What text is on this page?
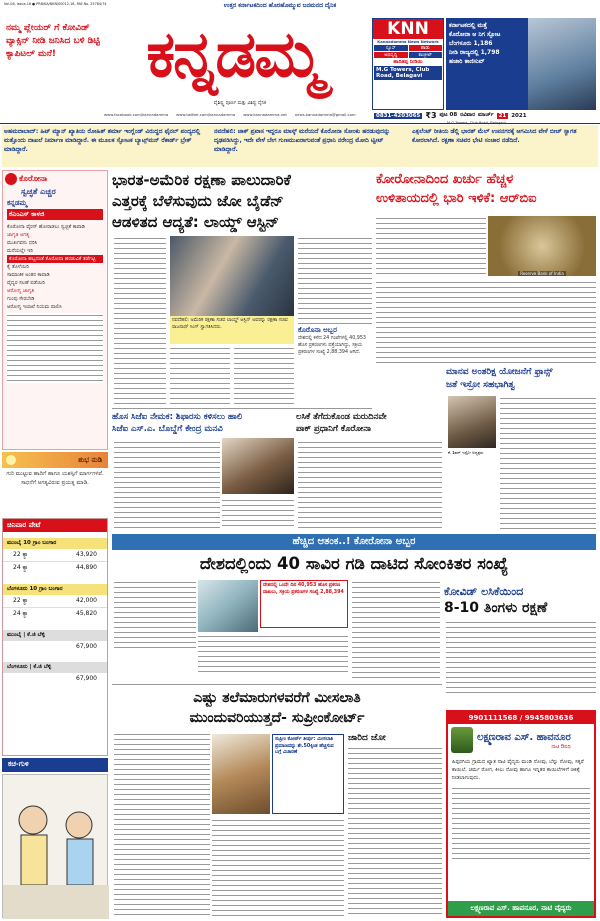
Vol-08, Issue-16 ● PRB/KA/NKN/00012-16, RNI No. 25784/74	ಉತ್ತರ ಕರ್ನಾಟಕದಿಂದ ಹೊರಹೊಮ್ಮುವ ಜನಮನದ ದೈನಿಕ
ನಮ್ಮ ಪ್ಲೇಯರ್ ಗೆ ಕೋವಿಡ್ ವ್ಯಾಕ್ಸಿನ್ ನೀಡಿ ಜನಿಸಿದ ಬಳಿ ಡಿಟ್ಟಿ ಕ್ಯಾಪಿಟಲ್ ಮನೆ!	ಕನ್ನಡಮ್ಮ
ವೈಶಿಷ್ಟ್ಯ ಪೂರ್ಣ ಮತ್ತು ವಿಶಿಷ್ಟ ದೈನಿಕ
KNN
Kannadamma News Network
ನ್ಯೂಸ್	ಹಾಡು
ಅಭಿವೃದ್ಧಿ	ಕಾಂಕ್ರೀಟ್
ಹಾದಿತಪ್ಪ ನೀಡಿಯಿ
M.G Towers, Club Road, Belagavi
ಕರ್ನಾಟಕದಲ್ಲಿ ಮತ್ತೆ
ಕೊರೋನಾ ಆ ನಿಗ ಸ್ಫೋಟ
ಬೆಂಗಳೂರು 1,186
ನೀಡಿ ರಾಜ್ಯದಲ್ಲಿ 1,798
ಹಜಾರಿ ಕಾಣಿಸುವ್
www.facebook.com/kannadamma www.twitter.com/kannadamma www.kannadamma.net news.kannadamma@gmail.com	0831-4203065 ₹3 ಪುಟ 08 ರವಿವಾರ ಮಾರ್ಚ್ 21 2021
ಅಹಮದಾಬಾದ್: ಹಿಟ್ ಮ್ಯಾನ್ ಖ್ಯಾತಿಯ ರೋಹಿತ್ ಶರ್ಮಾ ಇಂಗ್ಲೆಂಡ್ ವಿರುದ್ಧದ ಫೈನಲ್ ಪಂದ್ಯದಲ್ಲಿ ಮತ್ತೊಂದು ದಾಖಲೆ ನಿರ್ಮಾಣ ಮಾಡಿದ್ದಾರೆ. ಈ ಮೂಲಕ ಸ್ಫೋಟಕ ಬ್ಯಾಟ್ಸ್‌ಮನ್ ರೆಕಾರ್ಡ್ ಬ್ರೇಕ್ ಮಾಡಿದ್ದಾರೆ.
ನವದೆಹಲಿ: ಜಾಕ್ ಪ್ರವಾಸ ಇದ್ದರೂ ಮಾಸ್ಕ್ ಮರೆಯದೆ ಕೊರೋನಾ ಸೋಂಕು ಹರಡುವುದನ್ನು ದೃಢಪಡಿಸಿದ್ದು, ಇದೇ ವೇಳೆ ಬೇಗ ಗುಣಮುಖರಾಗುವಂತೆ ಪ್ರಧಾನಿ ನರೇಂದ್ರ ಮೋದಿ ಟ್ವೀಟ್ ಮಾಡಿದ್ದಾರೆ.
ಎಕ್ಸಲೆಂಟ್ ರೀತಿಯ ಡೆಲ್ಲಿ ಭಾರತ್ ಮೆಲ್‌ ಉಪನಗರಕ್ಕೆ ಆಗಮಿಸಿದ ವೇಳೆ ಬೀಚ್ ಸ್ವಾಗತ ಕೋರಲಾಗಿದೆ. ರಕ್ಷಣಾ ಸಚಿವರ ಭೇಟಿ ಸಂಚಾರ ನಡೆದಿದೆ.
ಕೊರೋನಾ
ಸ್ವಚ್ಛತೆ ಎಚ್ಚರ
ಕನ್ನಡಮ್ಮ
ಕೆಎಂಎಸ್ ಕಾಳಜಿ
ಕೊರೋನಾ ವೈರಸ್ ಹೋರಾಡಲು ಸ್ವಚ್ಛತೆ ಕಾಪಾಡಿ
ಜಾಗೃತಿ ಅಗತ್ಯ
ಮುಖಗವಸು ಧರಿಸಿ
ಮನೆಯಲ್ಲೇ ಇರಿ
ಕೊರೋನಾ ಹಬ್ಬದಂತೆ ಕೊರೋನಾ ಹರಡುವಿಕೆ ತಡೆಗಟ್ಟಿ
ಕೈ ತೊಳೆಯಿರಿ
ಸಾಮಾಜಿಕ ಅಂತರ ಕಾಪಾಡಿ
ವೈದ್ಯರ ಸಲಹೆ ಪಡೆಯಿರಿ
ಆರೋಗ್ಯ ಜಾಗೃತಿ
ಗುಂಪು ಸೇರಬೇಡಿ
ಆರೋಗ್ಯ ಇಲಾಖೆ ನಿಯಮ ಪಾಲಿಸಿ
ಶುಭ ನುಡಿ
ಗುರಿ ಮುಟ್ಟುವ ಹಾದಿಗೆ ಹಾಗೂ ಯಶಸ್ಸಿಗೆ ಮಾರ್ಗಗಳಿವೆ. ಸಾಧನೆಗೆ ಅಗತ್ಯವಿರುವ ಪ್ರಯತ್ನ ಮಾಡಿ.
ಚಿನಿವಾರ ಪೇಟೆ
ಮುಂಬೈ 10 ಗ್ರಾಂ ಬಂಗಾರ
22 ಕ್ಯಾ	43,920
24 ಕ್ಯಾ	44,890
ಬೆಂಗಳೂರು 10 ಗ್ರಾಂ ಬಂಗಾರ
22 ಕ್ಯಾ	42,000
24 ಕ್ಯಾ	45,820
ಮುಂಬೈ | ಕೆ.ಜಿ ಬೆಳ್ಳಿ
67,900
ಬೆಂಗಳೂರು | ಕೆ.ಜಿ ಬೆಳ್ಳಿ
67,900
ಕಚ-ಗುಳಿ
ಭಾರತ-ಅಮೆರಿಕ ರಕ್ಷಣಾ ಪಾಲುದಾರಿಕೆ
ಎತ್ತರಕ್ಕೆ ಬೆಳೆಸುವುದು ಜೋ ಬೈಡೆನ್
ಆಡಳಿತದ ಆದ್ಯತೆ: ಲಾಯ್ಡ್ ಆಸ್ಟಿನ್
ನವದೆಹಲಿ: ಅಮೆರಿಕ ರಕ್ಷಣಾ ಸಚಿವ ಲಾಯ್ಡ್ ಆಸ್ಟಿನ್ ಅವರನ್ನು ರಕ್ಷಣಾ ಸಚಿವ ರಾಜನಾಥ್ ಸಿಂಗ್ ಸ್ವಾಗತಿಸಿದರು.	ಕೊರೊನಾ ಅಬ್ಬರ
ದೇಶದಲ್ಲಿ ಕಳೆದ 24 ಗಂಟೆಗಳಲ್ಲಿ 40,953 ಹೊಸ ಪ್ರಕರಣಗಳು ಪತ್ತೆಯಾಗಿದ್ದು, ಸಕ್ರಿಯ ಪ್ರಕರಣಗಳ ಸಂಖ್ಯೆ 2,88,394 ಆಗಿದೆ.
ಕೋರೋನಾದಿಂದ ಖರ್ಚು ಹೆಚ್ಚಳ
ಉಳಿತಾಯದಲ್ಲಿ ಭಾರಿ ಇಳಿಕೆ: ಆರ್‌ಬಿಐ
Reserve Bank of India
ಹೊಸ ಸಿಜೆಐ ನೇಮಕ: ಶಿಫಾರಸು ಕಳಿಸಲು ಹಾಲಿ
ಸಿಜೆಐ ಎಸ್.ಎ. ಬೊಬ್ಡೆಗೆ ಕೇಂದ್ರ ಮನವಿ
ಲಸಿಕೆ ತೆಗೆದುಕೊಂಡ ಮರುದಿನವೇ
ಪಾಕ್ ಪ್ರಧಾನಿಗೆ ಕೊರೋನಾ
ಮಾನವ ಅಂತರಿಕ್ಷ ಯೋಜನೆಗೆ ಫ್ರಾನ್ಸ್
ಜತೆ ಇಸ್ರೋ ಸಹಭಾಗಿತ್ವ
ಕೆ. ಶಿವನ್ ಇಸ್ರೋ ಅಧ್ಯಕ್ಷರು
ಹೆಚ್ಚಿದ ಆತಂಕ..! ಕೋರೋನಾ ಅಬ್ಬರ
ದೇಶದಲ್ಲಿಂದು 40 ಸಾವಿರ ಗಡಿ ದಾಟಿದ ಸೋಂಕಿತರ ಸಂಖ್ಯೆ
ದೇಶದಲ್ಲಿ ಒಂದೇ ದಿನ 40,953 ಹೊಸ ಪ್ರಕರಣ ದಾಖಲು, ಸಕ್ರಿಯ ಪ್ರಕರಣಗಳ ಸಂಖ್ಯೆ 2,88,394	ಕೋವಿಡ್ ಲಸಿಕೆಯಿಂದ
8-10 ತಿಂಗಳು ರಕ್ಷಣೆ
ಎಷ್ಟು ತಲೆಮಾರುಗಳವರೆಗೆ ಮೀಸಲಾತಿ
ಮುಂದುವರಿಯುತ್ತದೆ- ಸುಪ್ರೀಂಕೋರ್ಟ್
ಸುಪ್ರೀಂ ಕೋರ್ಟ್ ತೀರ್ಪು: ಮೀಸಲಾತಿ ಪ್ರಮಾಣವನ್ನು ಶೇ.50ಕ್ಕಿಂತ ಹೆಚ್ಚಿಸುವ ಬಗ್ಗೆ ವಿಚಾರಣೆ
ಜಾರಿದ ಜೋ
9901111568 / 9945803636
ಲಕ್ಷ್ಮಣರಾವ ಎಸ್. ಹಾವನೂರ
ನಾಟಿ ಔಷಧಿ
ಹಿಪ್ಪರಗಿಯ ಗ್ರಾಮದ ಖ್ಯಾತ ನಾಟಿ ವೈದ್ಯರು ಮಂಡಿ ನೋವು, ಬೆನ್ನು ನೋವು, ಸಕ್ಕರೆ ಕಾಯಿಲೆ, ಚರ್ಮ ರೋಗ, ಕೀಲು ನೋವು ಹಾಗೂ ಇನ್ನಿತರ ಕಾಯಿಲೆಗಳಿಗೆ ಚಿಕಿತ್ಸೆ ನೀಡಲಾಗುವುದು.
ಲಕ್ಷ್ಮಣರಾವ ಎಸ್. ಹಾವನೂರ, ನಾಟಿ ವೈದ್ಯರು
